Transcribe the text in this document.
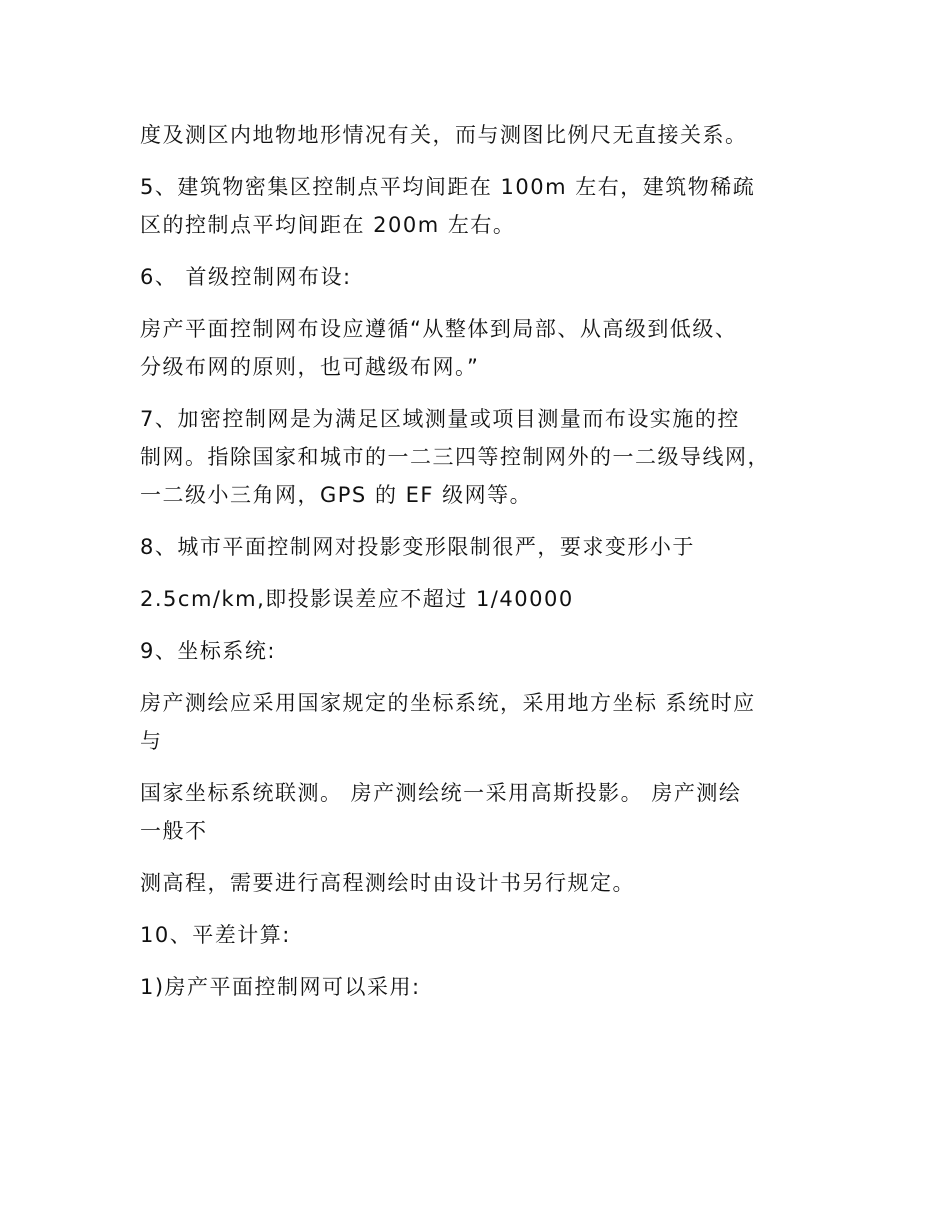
度及测区内地物地形情况有关，而与测图比例尺无直接关系。
5、建筑物密集区控制点平均间距在 100m 左右，建筑物稀疏
区的控制点平均间距在 200m 左右。
6、 首级控制网布设:
房产平面控制网布设应遵循“从整体到局部、从高级到低级、
分级布网的原则，也可越级布网。”
7、加密控制网是为满足区域测量或项目测量而布设实施的控
制网。指除国家和城市的一二三四等控制网外的一二级导线网，
一二级小三角网，GPS 的 EF 级网等。
8、城市平面控制网对投影变形限制很严，要求变形小于
2.5cm/km,即投影误差应不超过 1/40000
9、坐标系统:
房产测绘应采用国家规定的坐标系统，采用地方坐标 系统时应
与
国家坐标系统联测。 房产测绘统一采用高斯投影。 房产测绘
一般不
测高程，需要进行高程测绘时由设计书另行规定。
10、平差计算:
1)房产平面控制网可以采用:
